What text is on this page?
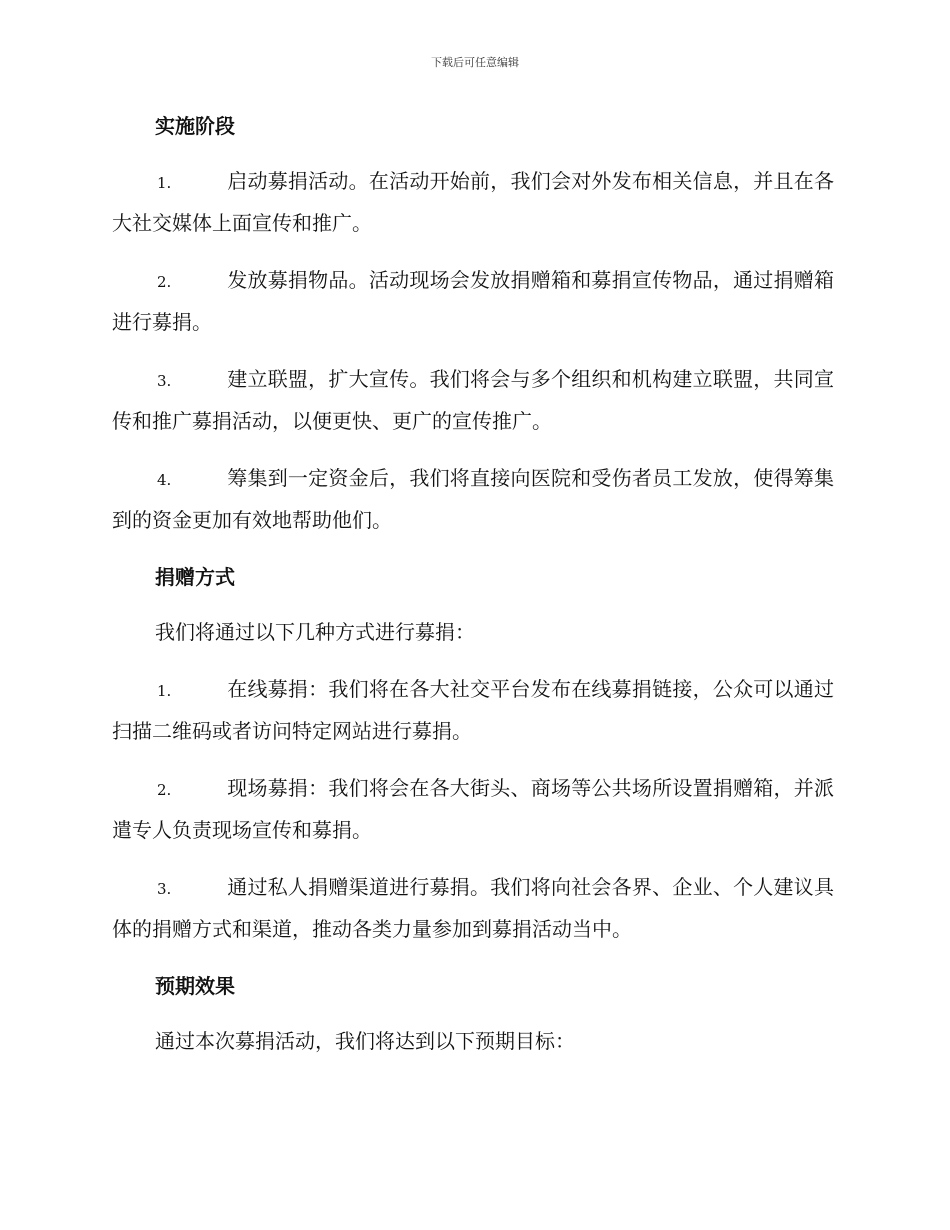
下载后可任意编辑
实施阶段
1.	启动募捐活动。在活动开始前，我们会对外发布相关信息，并且在各大社交媒体上面宣传和推广。
2.	发放募捐物品。活动现场会发放捐赠箱和募捐宣传物品，通过捐赠箱进行募捐。
3.	建立联盟，扩大宣传。我们将会与多个组织和机构建立联盟，共同宣传和推广募捐活动，以便更快、更广的宣传推广。
4.	筹集到一定资金后，我们将直接向医院和受伤者员工发放，使得筹集到的资金更加有效地帮助他们。
捐赠方式

我们将通过以下几种方式进行募捐：

1.	在线募捐：我们将在各大社交平台发布在线募捐链接，公众可以通过扫描二维码或者访问特定网站进行募捐。
2.	现场募捐：我们将会在各大街头、商场等公共场所设置捐赠箱，并派遣专人负责现场宣传和募捐。
3.	通过私人捐赠渠道进行募捐。我们将向社会各界、企业、个人建议具体的捐赠方式和渠道，推动各类力量参加到募捐活动当中。
预期效果

通过本次募捐活动，我们将达到以下预期目标：
